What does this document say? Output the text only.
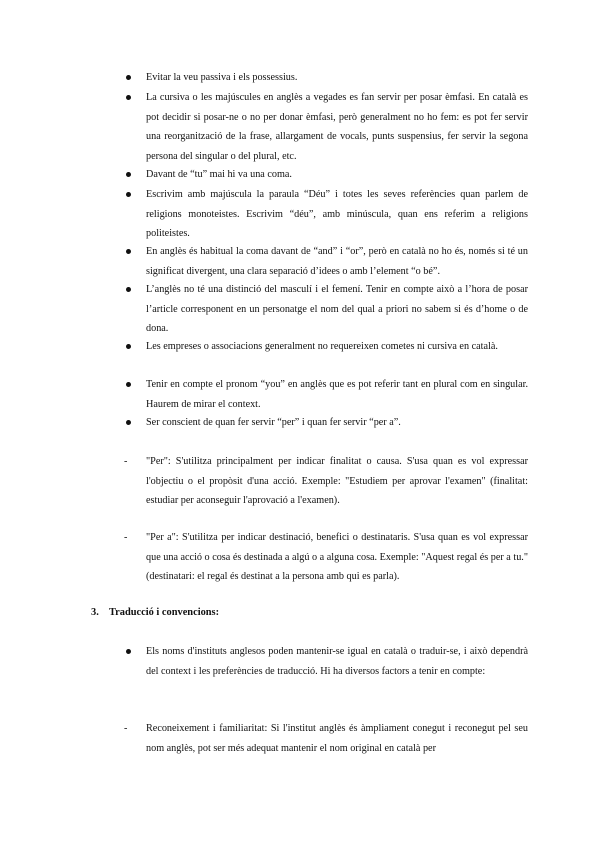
Evitar la veu passiva i els possessius.
La cursiva o les majúscules en anglès a vegades es fan servir per posar èmfasi. En català es pot decidir si posar-ne o no per donar èmfasi, però generalment no ho fem: es pot fer servir una reorganització de la frase, allargament de vocals, punts suspensius, fer servir la segona persona del singular o del plural, etc.
Davant de “tu” mai hi va una coma.
Escrivim amb majúscula la paraula “Déu” i totes les seves referències quan parlem de religions monoteistes. Escrivim “déu”, amb minúscula, quan ens referim a religions politeistes.
En anglès és habitual la coma davant de “and” i “or”, però en català no ho és, només si té un significat divergent, una clara separació d’idees o amb l’element “o bé”.
L’anglès no té una distinció del masculí i el femení. Tenir en compte això a l’hora de posar l’article corresponent en un personatge el nom del qual a priori no sabem si és d’home o de dona.
Les empreses o associacions generalment no requereixen cometes ni cursiva en català.
Tenir en compte el pronom “you” en anglès que es pot referir tant en plural com en singular. Haurem de mirar el context.
Ser conscient de quan fer servir “per” i quan fer servir “per a”.
- "Per": S'utilitza principalment per indicar finalitat o causa. S'usa quan es vol expressar l'objectiu o el propòsit d'una acció. Exemple: "Estudiem per aprovar l'examen" (finalitat: estudiar per aconseguir l'aprovació a l'examen).
- "Per a": S'utilitza per indicar destinació, benefici o destinataris. S'usa quan es vol expressar que una acció o cosa és destinada a algú o a alguna cosa. Exemple: "Aquest regal és per a tu." (destinatari: el regal és destinat a la persona amb qui es parla).
3. Traducció i convencions:
Els noms d'instituts anglesos poden mantenir-se igual en català o traduir-se, i això dependrà del context i les preferències de traducció. Hi ha diversos factors a tenir en compte:
- Reconeixement i familiaritat: Si l'institut anglès és àmpliament conegut i reconegut pel seu nom anglès, pot ser més adequat mantenir el nom original en català per
